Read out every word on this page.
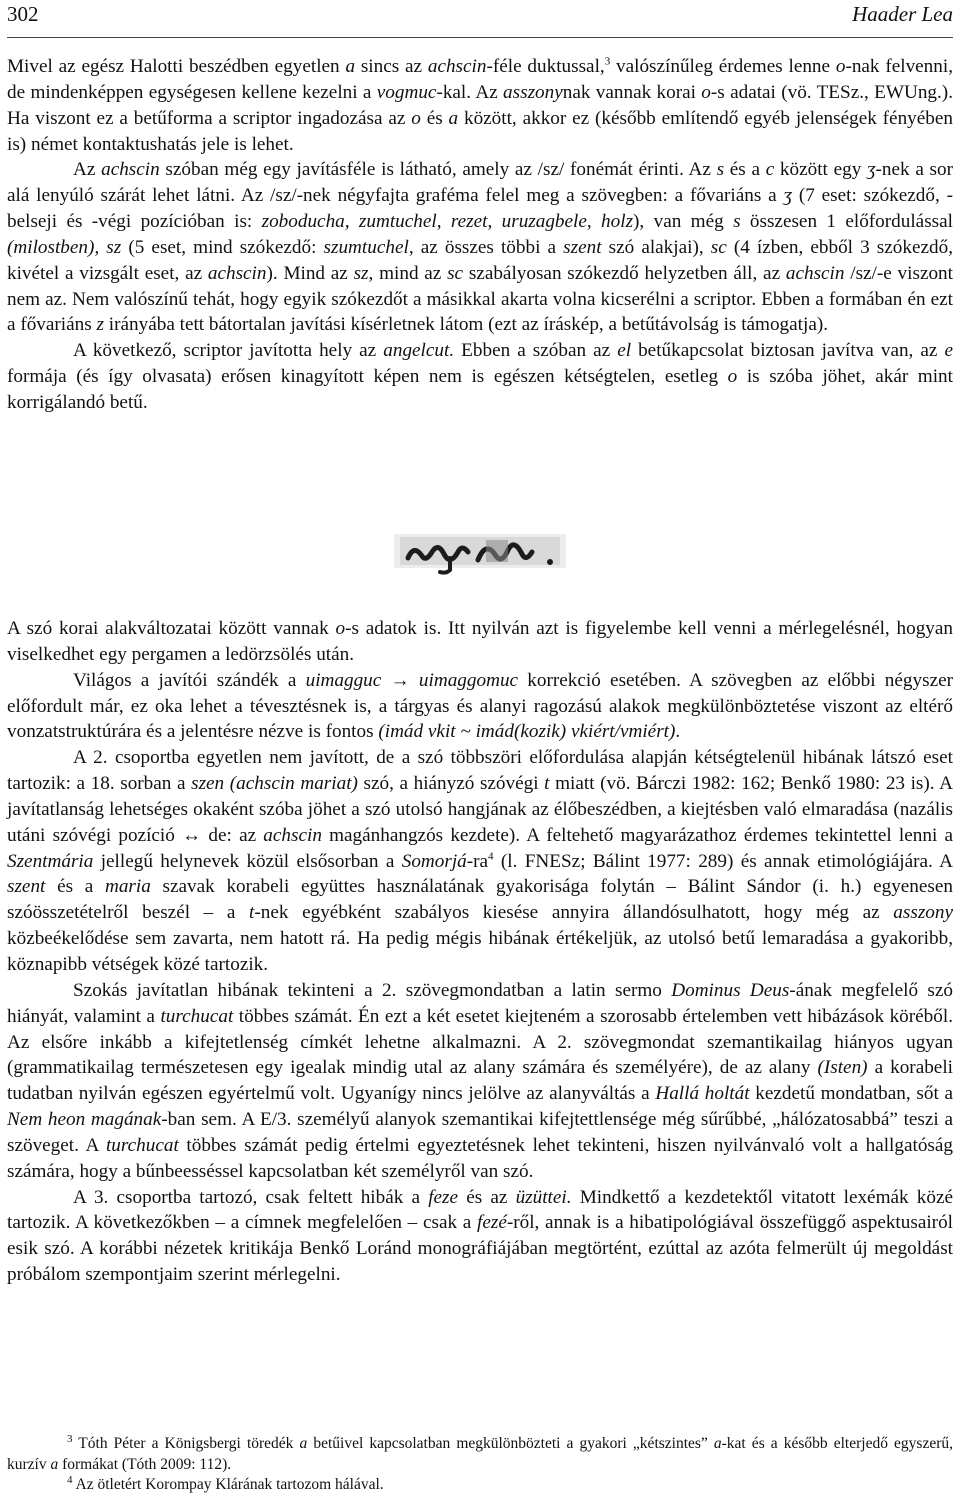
302	Haader Lea

Mivel az egész Halotti beszédben egyetlen a sincs az achscin-féle duktussal,$^3$ valószínűleg érdemes lenne o-nak felvenni, de mindenképpen egységesen kellene kezelni a vogmuc-kal. Az asszonynak vannak korai o-s adatai (vö. TESz., EWUng.). Ha viszont ez a betűforma a scriptor ingadozása az o és a között, akkor ez (később említendő egyéb jelenségek fényében is) német kontaktushatás jele is lehet.

Az achscin szóban még egy javításféle is látható, amely az /sz/ fonémát érinti. Az s és a c között egy ʒ-nek a sor alá lenyúló szárát lehet látni. Az /sz/-nek négyfajta graféma felel meg a szövegben: a fővariáns a ʒ (7 eset: szókezdő, -belseji és -végi pozícióban is: zoboducha, zumtuchel, rezet, uruzagbele, holz), van még s összesen 1 előfordulással (milostben), sz (5 eset, mind szókezdő: szumtuchel, az összes többi a szent szó alakjai), sc (4 ízben, ebből 3 szókezdő, kivétel a vizsgált eset, az achscin). Mind az sz, mind az sc szabályosan szókezdő helyzetben áll, az achscin /sz/-e viszont nem az. Nem valószínű tehát, hogy egyik szókezdőt a másikkal akarta volna kicserélni a scriptor. Ebben a formában én ezt a fővariáns z irányába tett bátortalan javítási kísérletnek látom (ezt az íráskép, a betűtávolság is támogatja).

A következő, scriptor javította hely az angelcut. Ebben a szóban az el betűkapcsolat biztosan javítva van, az e formája (és így olvasata) erősen kinagyított képen nem is egészen kétségtelen, esetleg o is szóba jöhet, akár mint korrigálandó betű.

A szó korai alakváltozatai között vannak o-s adatok is. Itt nyilván azt is figyelembe kell venni a mérlegelésnél, hogyan viselkedhet egy pergamen a ledörzsölés után.

Világos a javítói szándék a uimagguc → uimaggomuc korrekció esetében. A szövegben az előbbi négyszer előfordult már, ez oka lehet a tévesztésnek is, a tárgyas és alanyi ragozású alakok megkülönböztetése viszont az eltérő vonzatstruktúrára és a jelentésre nézve is fontos (imád vkit ~ imád(kozik) vkiért/vmiért).

A 2. csoportba egyetlen nem javított, de a szó többszöri előfordulása alapján kétségtelenül hibának látszó eset tartozik: a 18. sorban a szen (achscin mariat) szó, a hiányzó szóvégi t miatt (vö. Bárczi 1982: 162; Benkő 1980: 23 is). A javítatlanság lehetséges okaként szóba jöhet a szó utolsó hangjának az élőbeszédben, a kiejtésben való elmaradása (nazális utáni szóvégi pozíció ↔ de: az achscin magánhangzós kezdete). A feltehető magyarázathoz érdemes tekintettel lenni a Szentmária jellegű helynevek közül elsősorban a Somorjá-$ra^4$ (l. FNESz; Bálint 1977: 289) és annak etimológiájára. A szent és a maria szavak korabeli együttes használatának gyakorisága folytán – Bálint Sándor (i. h.) egyenesen szóösszetételről beszél – a t-nek egyébként szabályos kiesése annyira állandósulhatott, hogy még az asszony közbeékelődése sem zavarta, nem hatott rá. Ha pedig mégis hibának értékeljük, az utolsó betű lemaradása a gyakoribb, köznapibb vétségek közé tartozik.

Szokás javítatlan hibának tekinteni a 2. szövegmondatban a latin sermo Dominus Deus-ának megfelelő szó hiányát, valamint a turchucat többes számát. Én ezt a két esetet kiejteném a szorosabb értelemben vett hibázások köréből. Az elsőre inkább a kifejtetlenség címkét lehetne alkalmazni. A 2. szövegmondat szemantikailag hiányos ugyan (grammatikailag természetesen egy igealak mindig utal az alany számára és személyére), de az alany (Isten) a korabeli tudatban nyilván egészen egyértelmű volt. Ugyanígy nincs jelölve az alanyváltás a Hallá holtát kezdetű mondatban, sőt a Nem heon magának-ban sem. A E/3. személyű alanyok szemantikai kifejtettlensége még sűrűbbé, „hálózatosabbá” teszi a szöveget. A turchucat többes számát pedig értelmi egyeztetésnek lehet tekinteni, hiszen nyilvánvaló volt a hallgatóság számára, hogy a bűnbeesséssel kapcsolatban két személyről van szó.

A 3. csoportba tartozó, csak feltett hibák a feze és az üzüttei. Mindkettő a kezdetektől vitatott lexémák közé tartozik. A következőkben – a címnek megfelelően – csak a fezé-ről, annak is a hibatipológiával összefüggő aspektusairól esik szó. A korábbi nézetek kritikája Benkő Loránd monográfiájában megtörtént, ezúttal az azóta felmerült új megoldást próbálom szempontjaim szerint mérlegelni.

$^3$ Tóth Péter a Königsbergi töredék a betűivel kapcsolatban megkülönbözteti a gyakori „kétszintes” a-kat és a később elterjedő egyszerű, kurzív a formákat (Tóth 2009: 112).

$^4$ Az ötletért Korompay Klárának tartozom hálával.
